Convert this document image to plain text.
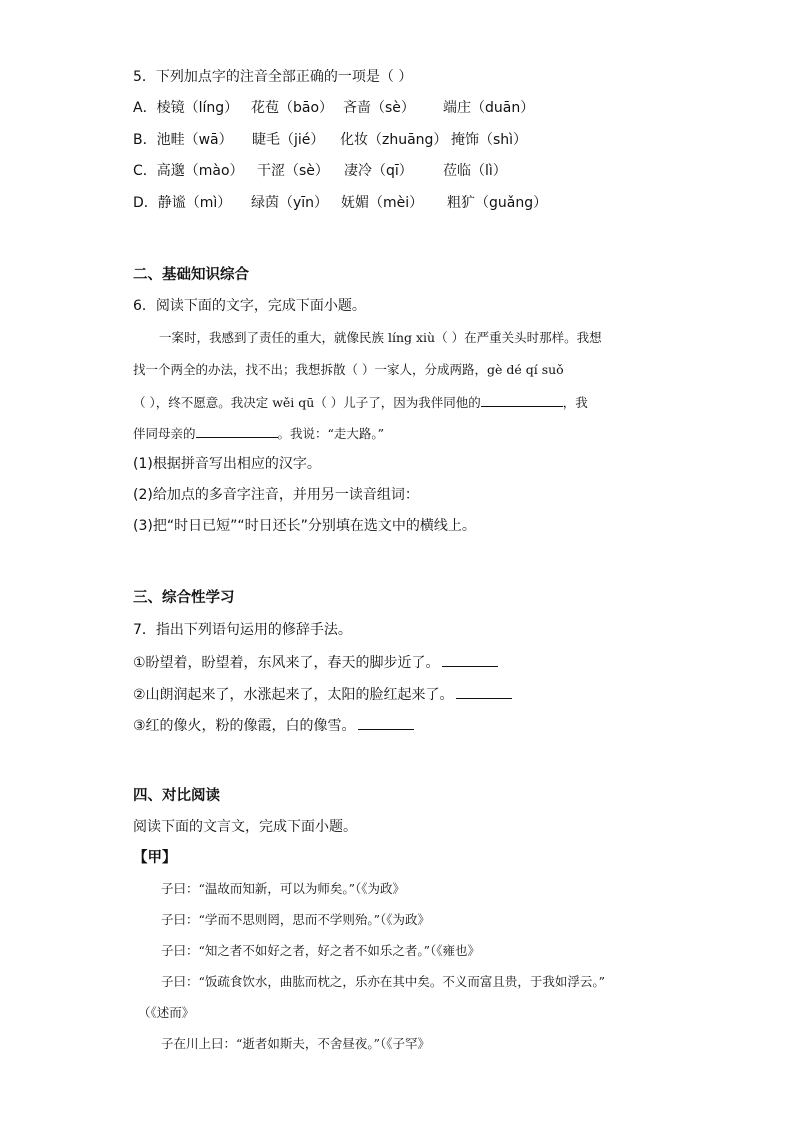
5．下列加点字的注音全部正确的一项是（ ）
A．棱镜（líng） 花苞（bāo） 吝啬（sè） 端庄（duān）
B．池畦（wā） 睫毛（jié） 化妆（zhuāng） 掩饰（shì）
C．高邈（mào） 干涩（sè） 凄冷（qī） 莅临（lì）
D．静谧（mì） 绿茵（yīn） 妩媚（mèi） 粗犷（guǎng）
二、基础知识综合
6．阅读下面的文字，完成下面小题。
一案时，我感到了责任的重大，就像民族 líng xiù（ ）在严重关头时那样。我想
找一个两全的办法，找不出；我想拆散（ ）一家人，分成两路，gè dé qí suǒ
（ ），终不愿意。我决定 wěi qū（ ）儿子了，因为我伴同他的	，我
伴同母亲的	。我说：“走大路。”
(1)根据拼音写出相应的汉字。
(2)给加点的多音字注音，并用另一读音组词：
(3)把“时日已短”“时日还长”分别填在选文中的横线上。
三、综合性学习
7．指出下列语句运用的修辞手法。
①盼望着，盼望着，东风来了，春天的脚步近了。
②山朗润起来了，水涨起来了，太阳的脸红起来了。
③红的像火，粉的像霞，白的像雪。
四、对比阅读
阅读下面的文言文，完成下面小题。
【甲】
子曰：“温故而知新，可以为师矣。”（《为政》
子曰：“学而不思则罔，思而不学则殆。”（《为政》
子曰：“知之者不如好之者，好之者不如乐之者。”（《雍也》
子曰：“饭疏食饮水，曲肱而枕之，乐亦在其中矣。不义而富且贵，于我如浮云。”
（《述而》
子在川上曰：“逝者如斯夫，不舍昼夜。”（《子罕》
